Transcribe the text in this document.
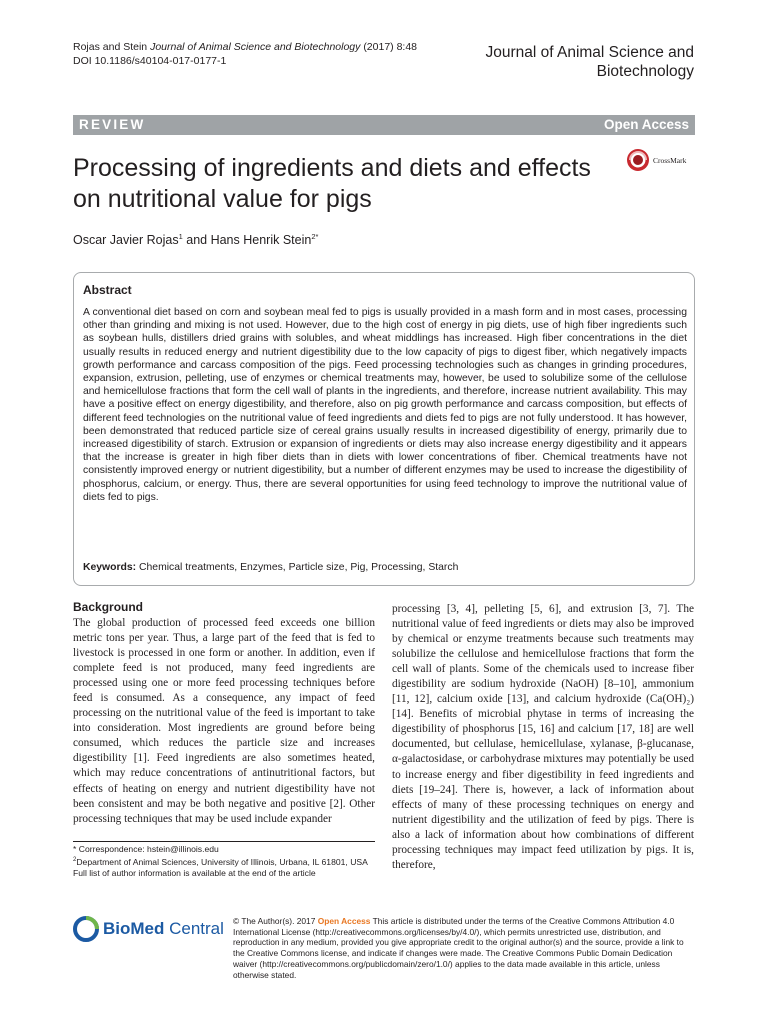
Rojas and Stein Journal of Animal Science and Biotechnology (2017) 8:48
DOI 10.1186/s40104-017-0177-1	Journal of Animal Science and
Biotechnology
REVIEW	Open Access
Processing of ingredients and diets and effects on nutritional value for pigs
CrossMark
Oscar Javier Rojas$^1$ and Hans Henrik Stein$^{2*}$
Abstract
A conventional diet based on corn and soybean meal fed to pigs is usually provided in a mash form and in most cases, processing other than grinding and mixing is not used. However, due to the high cost of energy in pig diets, use of high fiber ingredients such as soybean hulls, distillers dried grains with solubles, and wheat middlings has increased. High fiber concentrations in the diet usually results in reduced energy and nutrient digestibility due to the low capacity of pigs to digest fiber, which negatively impacts growth performance and carcass composition of the pigs. Feed processing technologies such as changes in grinding procedures, expansion, extrusion, pelleting, use of enzymes or chemical treatments may, however, be used to solubilize some of the cellulose and hemicellulose fractions that form the cell wall of plants in the ingredients, and therefore, increase nutrient availability. This may have a positive effect on energy digestibility, and therefore, also on pig growth performance and carcass composition, but effects of different feed technologies on the nutritional value of feed ingredients and diets fed to pigs are not fully understood. It has however, been demonstrated that reduced particle size of cereal grains usually results in increased digestibility of energy, primarily due to increased digestibility of starch. Extrusion or expansion of ingredients or diets may also increase energy digestibility and it appears that the increase is greater in high fiber diets than in diets with lower concentrations of fiber. Chemical treatments have not consistently improved energy or nutrient digestibility, but a number of different enzymes may be used to increase the digestibility of phosphorus, calcium, or energy. Thus, there are several opportunities for using feed technology to improve the nutritional value of diets fed to pigs.
Keywords: Chemical treatments, Enzymes, Particle size, Pig, Processing, Starch
Background
The global production of processed feed exceeds one billion metric tons per year. Thus, a large part of the feed that is fed to livestock is processed in one form or another. In addition, even if complete feed is not produced, many feed ingredients are processed using one or more feed processing techniques before feed is consumed. As a consequence, any impact of feed processing on the nutritional value of the feed is important to take into consideration. Most ingredients are ground before being consumed, which reduces the particle size and increases digestibility [1]. Feed ingredients are also sometimes heated, which may reduce concentrations of antinutritional factors, but effects of heating on energy and nutrient digestibility have not been consistent and may be both negative and positive [2]. Other processing techniques that may be used include expander
processing [3, 4], pelleting [5, 6], and extrusion [3, 7]. The nutritional value of feed ingredients or diets may also be improved by chemical or enzyme treatments because such treatments may solubilize the cellulose and hemicellulose fractions that form the cell wall of plants. Some of the chemicals used to increase fiber digestibility are sodium hydroxide (NaOH) [8–10], ammonium [11, 12], calcium oxide [13], and calcium hydroxide (Ca(OH)₂) [14]. Benefits of microbial phytase in terms of increasing the digestibility of phosphorus [15, 16] and calcium [17, 18] are well documented, but cellulase, hemicellulase, xylanase, β-glucanase, α-galactosidase, or carbohydrase mixtures may potentially be used to increase energy and fiber digestibility in feed ingredients and diets [19–24]. There is, however, a lack of information about effects of many of these processing techniques on energy and nutrient digestibility and the utilization of feed by pigs. There is also a lack of information about how combinations of different processing techniques may impact feed utilization by pigs. It is, therefore,
* Correspondence: hstein@illinois.edu
$^2$Department of Animal Sciences, University of Illinois, Urbana, IL 61801, USA
Full list of author information is available at the end of the article
BioMed Central © The Author(s). 2017 Open Access This article is distributed under the terms of the Creative Commons Attribution 4.0 International License (http://creativecommons.org/licenses/by/4.0/), which permits unrestricted use, distribution, and reproduction in any medium, provided you give appropriate credit to the original author(s) and the source, provide a link to the Creative Commons license, and indicate if changes were made. The Creative Commons Public Domain Dedication waiver (http://creativecommons.org/publicdomain/zero/1.0/) applies to the data made available in this article, unless otherwise stated.
